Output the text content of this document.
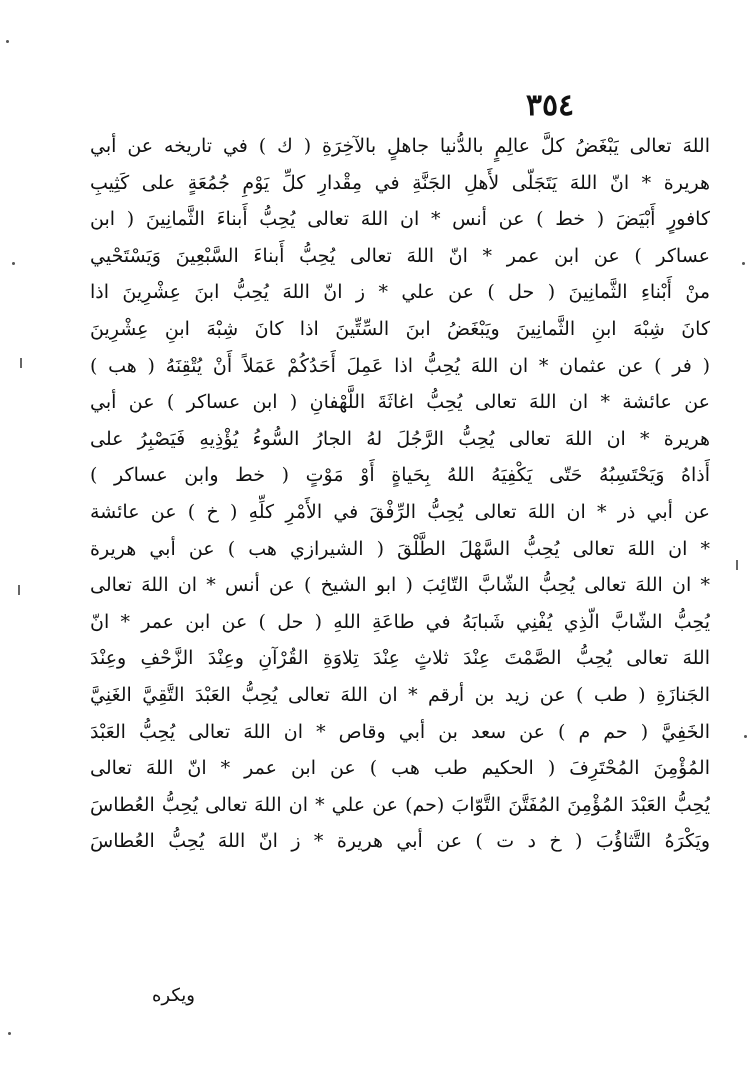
٣٥٤
اللهَ تعالى يَبْغَضُ كلَّ عالِمٍ بالدُّنيا جاهلٍ بالآخِرَةِ ( ك ) في تاريخه عن أبي
هريرة * انّ اللهَ يَتَجَلّى لأَهلِ الجَنَّةِ في مِقْدارِ كلِّ يَوْمِ جُمُعَةٍ على كَثِيبِ
كافورٍ أَبْيَضَ ( خط ) عن أنس * ان اللهَ تعالى يُحِبُّ أَبناءَ الثَّمانِينَ ( ابن
عساكر ) عن ابن عمر * انّ اللهَ تعالى يُحِبُّ أَبناءَ السَّبْعِينَ وَيَسْتَحْيي
منْ أَبْناءِ الثَّمانِينَ ( حل ) عن علي * ز انّ اللهَ يُحِبُّ ابنَ عِشْرِينَ اذا
كانَ شِبْهَ ابنِ الثَّمانِينَ ويَبْغَضُ ابنَ السِّتِّينَ اذا كانَ شِبْهَ ابنِ عِشْرِينَ
( فر ) عن عثمان * ان اللهَ يُحِبُّ اذا عَمِلَ أَحَدُكُمْ عَمَلاً أَنْ يُتْقِنَهُ ( هب )
عن عائشة * ان اللهَ تعالى يُحِبُّ اغاثَةَ اللَّهْفانِ ( ابن عساكر ) عن أبي
هريرة * ان اللهَ تعالى يُحِبُّ الرَّجُلَ لهُ الجارُ السُّوءُ يُؤْذِيهِ فَيَصْبِرُ على
أَذاهُ وَيَحْتَسِبُهُ حَتّى يَكْفِيَهُ اللهُ بِحَياةٍ أَوْ مَوْتٍ ( خط وابن عساكر )
عن أبي ذر * ان اللهَ تعالى يُحِبُّ الرِّفْقَ في الأَمْرِ كلِّهِ ( خ ) عن عائشة
* ان اللهَ تعالى يُحِبُّ السَّهْلَ الطَّلْقَ ( الشيرازي هب ) عن أبي هريرة
* ان اللهَ تعالى يُحِبُّ الشّابَّ التّائِبَ ( ابو الشيخ ) عن أنس * ان اللهَ تعالى
يُحِبُّ الشّابَّ الّذِي يُفْنِي شَبابَهُ في طاعَةِ اللهِ ( حل ) عن ابن عمر * انّ
اللهَ تعالى يُحِبُّ الصَّمْتَ عِنْدَ ثلاثٍ عِنْدَ تِلاوَةِ القُرْآنِ وعِنْدَ الزَّحْفِ وعِنْدَ
الجَنازَةِ ( طب ) عن زيد بن أرقم * ان اللهَ تعالى يُحِبُّ العَبْدَ التَّقِيَّ الغَنِيَّ
الخَفِيَّ ( حم م ) عن سعد بن أبي وقاص * ان اللهَ تعالى يُحِبُّ العَبْدَ
المُؤْمِنَ المُحْتَرِفَ ( الحكيم طب هب ) عن ابن عمر * انّ اللهَ تعالى
يُحِبُّ العَبْدَ المُؤْمِنَ المُفَتَّنَ التَّوّابَ (حم) عن علي * ان اللهَ تعالى يُحِبُّ العُطاسَ
ويَكْرَهُ التَّثاؤُبَ ( خ د ت ) عن أبي هريرة * ز انّ اللهَ يُحِبُّ العُطاسَ
ويكره
